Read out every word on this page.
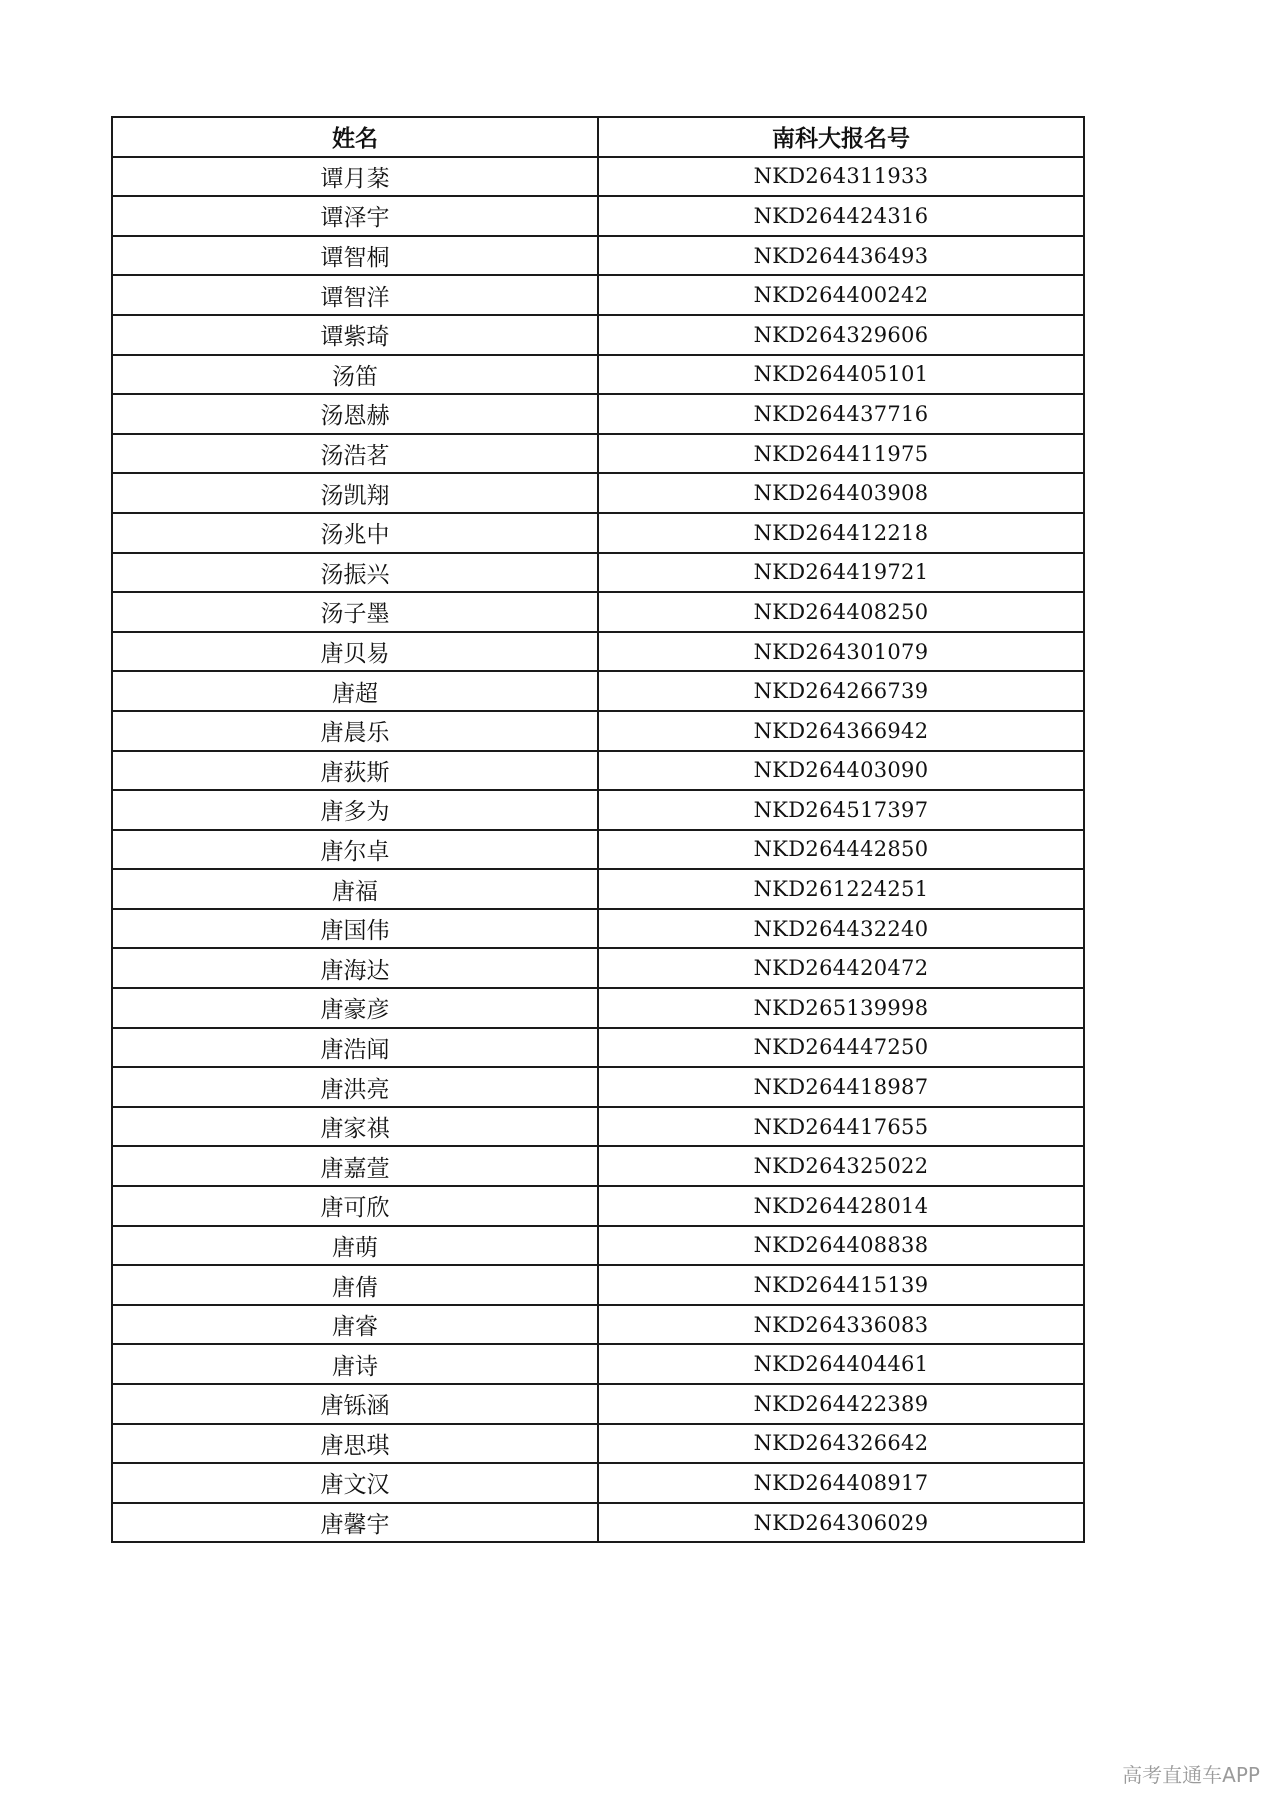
姓名	南科大报名号
谭月棻	NKD264311933
谭泽宇	NKD264424316
谭智桐	NKD264436493
谭智洋	NKD264400242
谭紫琦	NKD264329606
汤笛	NKD264405101
汤恩赫	NKD264437716
汤浩茗	NKD264411975
汤凯翔	NKD264403908
汤兆中	NKD264412218
汤振兴	NKD264419721
汤子墨	NKD264408250
唐贝易	NKD264301079
唐超	NKD264266739
唐晨乐	NKD264366942
唐荻斯	NKD264403090
唐多为	NKD264517397
唐尔卓	NKD264442850
唐福	NKD261224251
唐国伟	NKD264432240
唐海达	NKD264420472
唐豪彦	NKD265139998
唐浩闻	NKD264447250
唐洪亮	NKD264418987
唐家祺	NKD264417655
唐嘉萱	NKD264325022
唐可欣	NKD264428014
唐萌	NKD264408838
唐倩	NKD264415139
唐睿	NKD264336083
唐诗	NKD264404461
唐铄涵	NKD264422389
唐思琪	NKD264326642
唐文汉	NKD264408917
唐馨宇	NKD264306029
高考直通车APP
